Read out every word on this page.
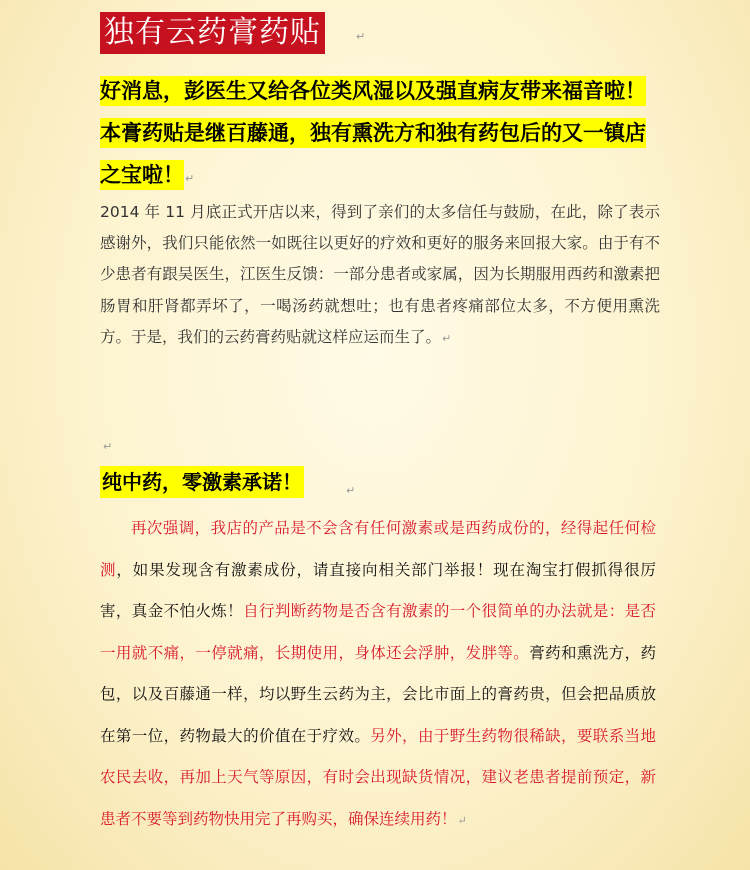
独有云药膏药贴	↵
好消息，彭医生又给各位类风湿以及强直病友带来福音啦！本膏药贴是继百藤通，独有熏洗方和独有药包后的又一镇店之宝啦！↵
2014 年 11 月底正式开店以来，得到了亲们的太多信任与鼓励，在此，除了表示感谢外，我们只能依然一如既往以更好的疗效和更好的服务来回报大家。由于有不少患者有跟吴医生，江医生反馈：一部分患者或家属，因为长期服用西药和激素把肠胃和肝肾都弄坏了，一喝汤药就想吐；也有患者疼痛部位太多，不方便用熏洗方。于是，我们的云药膏药贴就这样应运而生了。↵
↵
纯中药，零激素承诺！	↵
再次强调，我店的产品是不会含有任何激素或是西药成份的，经得起任何检测，如果发现含有激素成份，请直接向相关部门举报！现在淘宝打假抓得很厉害，真金不怕火炼！自行判断药物是否含有激素的一个很简单的办法就是：是否一用就不痛，一停就痛，长期使用，身体还会浮肿，发胖等。膏药和熏洗方，药包，以及百藤通一样，均以野生云药为主，会比市面上的膏药贵，但会把品质放在第一位，药物最大的价值在于疗效。另外，由于野生药物很稀缺，要联系当地农民去收，再加上天气等原因，有时会出现缺货情况，建议老患者提前预定，新患者不要等到药物快用完了再购买，确保连续用药！↵
